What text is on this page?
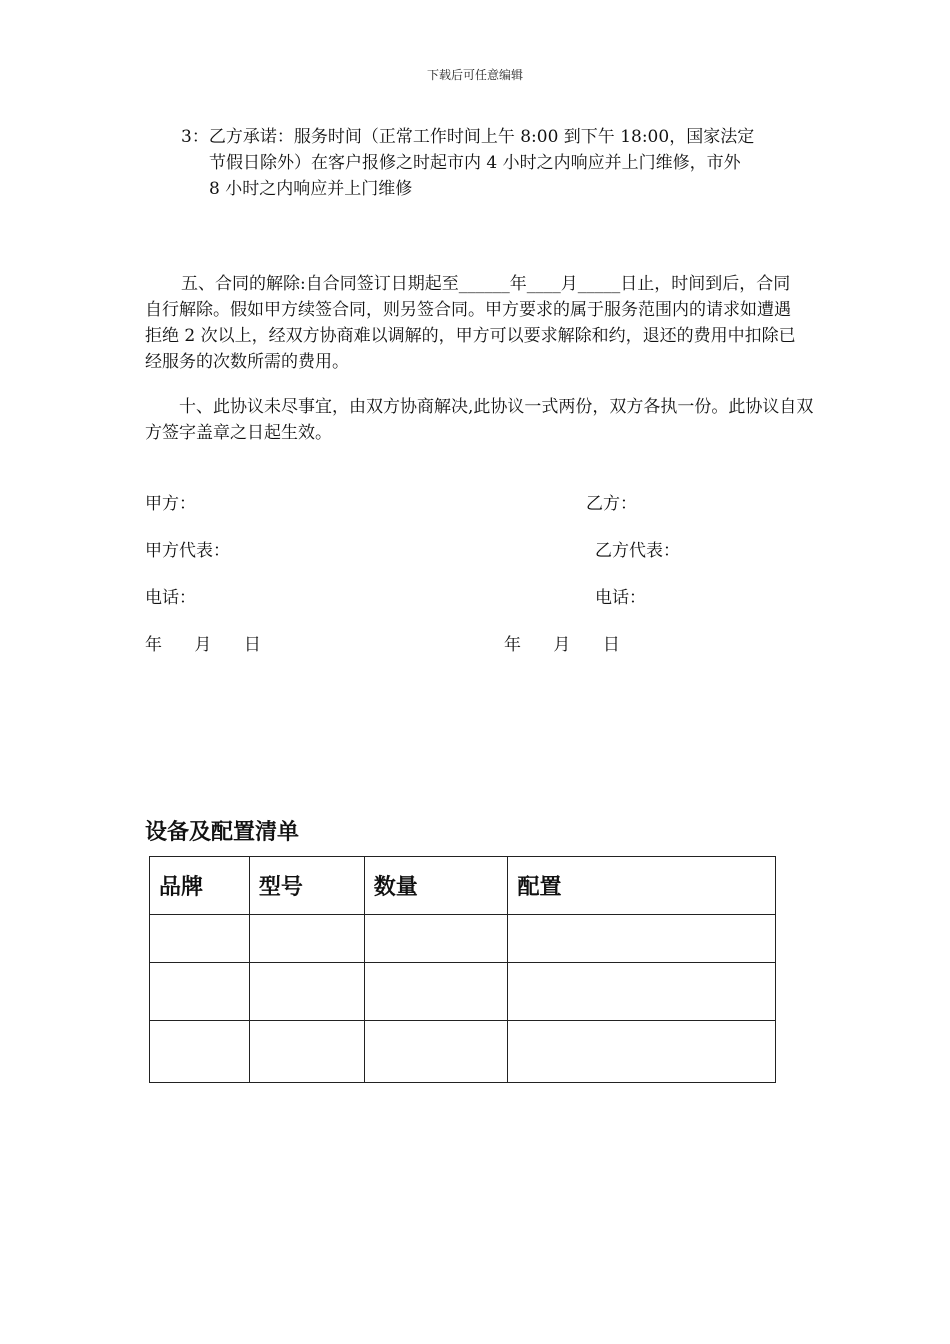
下载后可任意编辑
3：乙方承诺：服务时间（正常工作时间上午 8:00 到下午 18:00，国家法定
节假日除外）在客户报修之时起市内 4 小时之内响应并上门维修，市外
8 小时之内响应并上门维修

五、合同的解除:自合同签订日期起至______年____月_____日止，时间到后，合同自行解除。假如甲方续签合同，则另签合同。甲方要求的属于服务范围内的请求如遭遇拒绝 2 次以上，经双方协商难以调解的，甲方可以要求解除和约，退还的费用中扣除已经服务的次数所需的费用。

十、此协议未尽事宜，由双方协商解决,此协议一式两份，双方各执一份。此协议自双方签字盖章之日起生效。

甲方：	乙方：
甲方代表：	乙方代表：
电话：	电话：
年      月      日	年      月      日
设备及配置清单
品牌	型号	数量	配置
